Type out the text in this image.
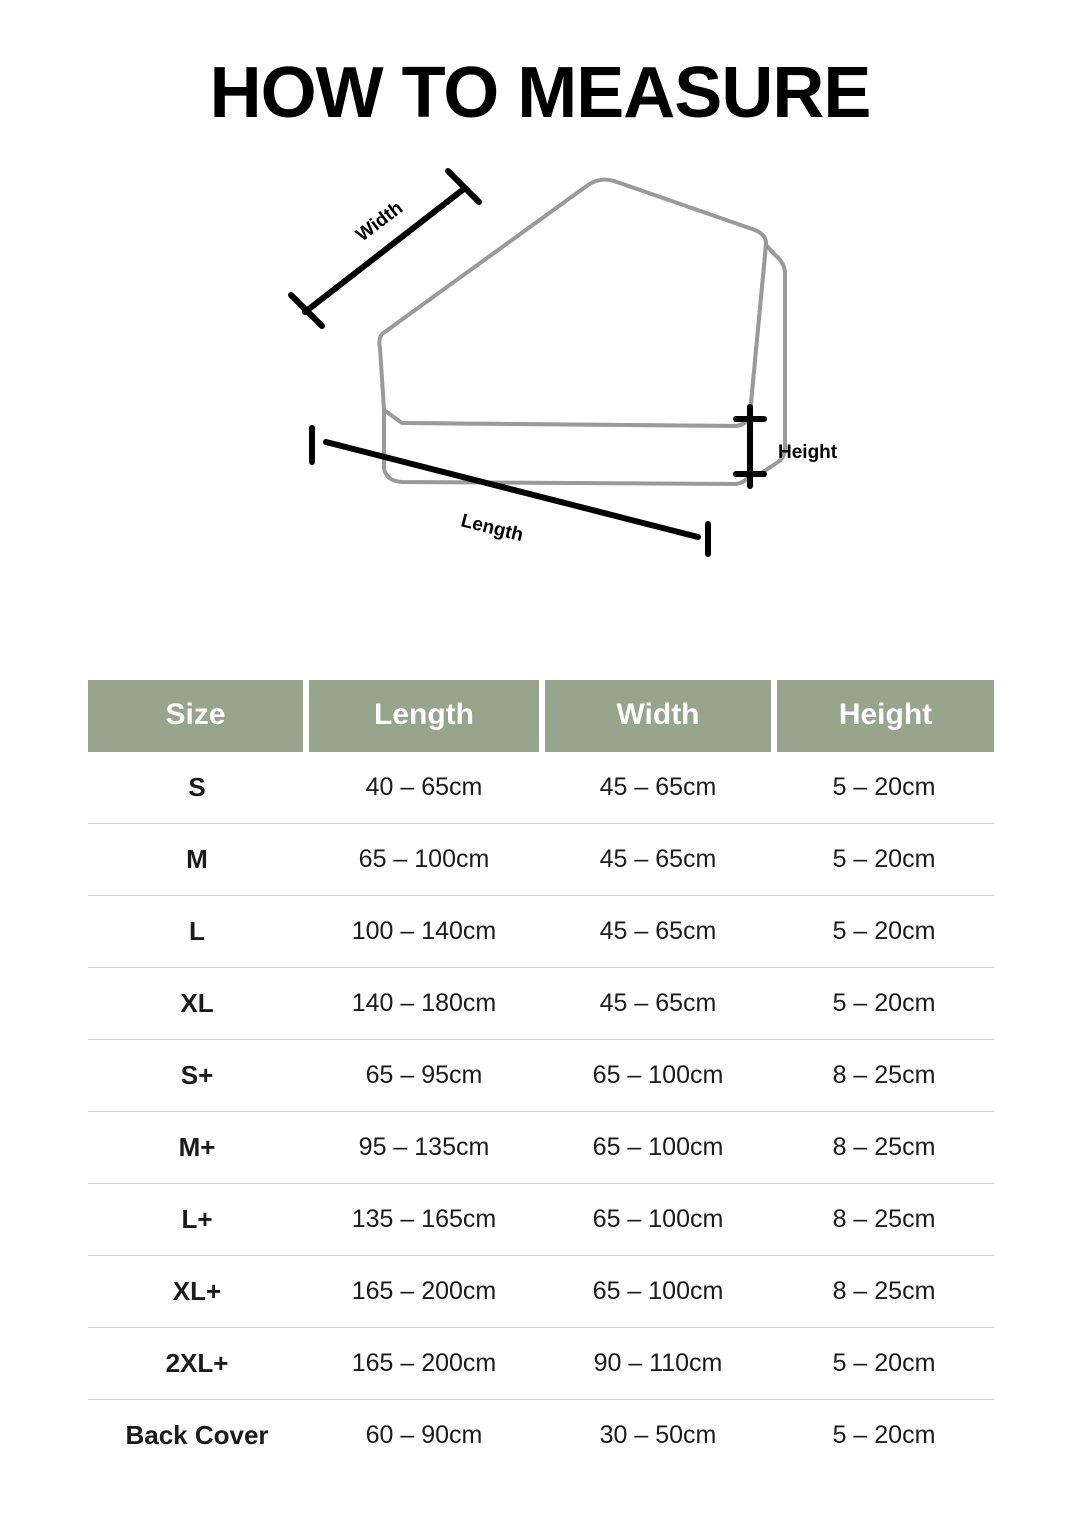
HOW TO MEASURE
Width
Length
Height
Size	Length	Width	Height
S	40 – 65cm	45 – 65cm	5 – 20cm
M	65 – 100cm	45 – 65cm	5 – 20cm
L	100 – 140cm	45 – 65cm	5 – 20cm
XL	140 – 180cm	45 – 65cm	5 – 20cm
S+	65 – 95cm	65 – 100cm	8 – 25cm
M+	95 – 135cm	65 – 100cm	8 – 25cm
L+	135 – 165cm	65 – 100cm	8 – 25cm
XL+	165 – 200cm	65 – 100cm	8 – 25cm
2XL+	165 – 200cm	90 – 110cm	5 – 20cm
Back Cover	60 – 90cm	30 – 50cm	5 – 20cm
